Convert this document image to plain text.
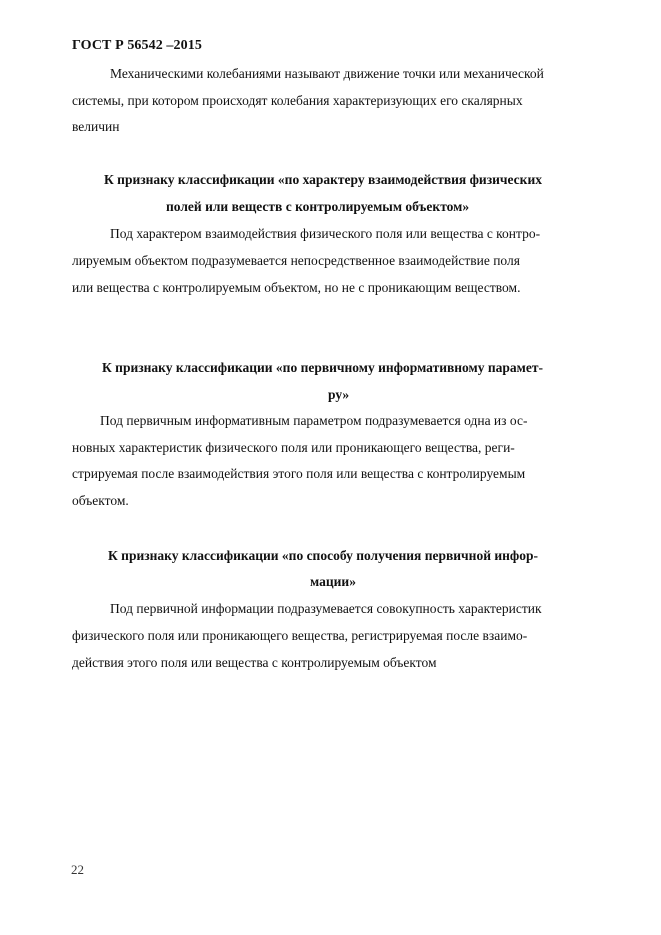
ГОСТ Р 56542 –2015
Механическими колебаниями называют движение точки или механической
системы, при котором происходят колебания характеризующих его скалярных
величин
К признаку классификации «по характеру взаимодействия физических
полей или веществ с контролируемым объектом»
Под характером взаимодействия физического поля или вещества с контро-
лируемым объектом подразумевается непосредственное взаимодействие поля
или вещества с контролируемым объектом, но не с проникающим веществом.
К признаку классификации «по первичному информативному парамет-
ру»
Под первичным информативным параметром подразумевается одна из ос-
новных характеристик физического поля или проникающего вещества, реги-
стрируемая после взаимодействия этого поля или вещества с контролируемым
объектом.
К признаку классификации «по способу получения первичной инфор-
мации»
Под первичной информации подразумевается совокупность характеристик
физического поля или проникающего вещества, регистрируемая после взаимо-
действия этого поля или вещества с контролируемым объектом
22
